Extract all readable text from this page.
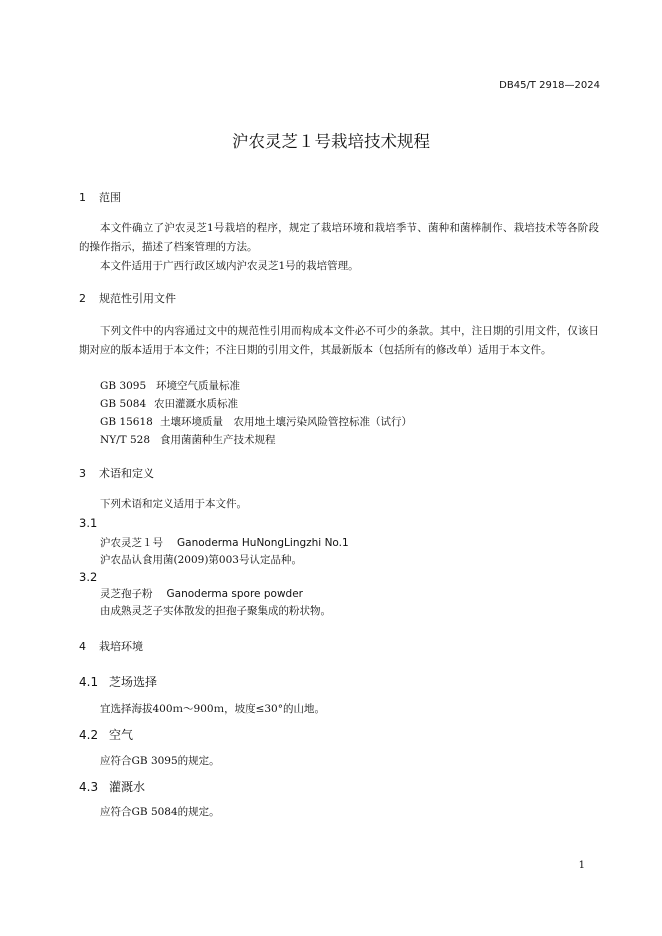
DB45/T 2918—2024
沪农灵芝１号栽培技术规程
1 范围
本文件确立了沪农灵芝1号栽培的程序，规定了栽培环境和栽培季节、菌种和菌棒制作、栽培技术等各阶段的操作指示，描述了档案管理的方法。
本文件适用于广西行政区域内沪农灵芝1号的栽培管理。
2 规范性引用文件
下列文件中的内容通过文中的规范性引用而构成本文件必不可少的条款。其中，注日期的引用文件，仅该日期对应的版本适用于本文件；不注日期的引用文件，其最新版本（包括所有的修改单）适用于本文件。
GB 3095 环境空气质量标准
GB 5084 农田灌溉水质标准
GB 15618 土壤环境质量　农用地土壤污染风险管控标准（试行）
NY/T 528 食用菌菌种生产技术规程
3 术语和定义
下列术语和定义适用于本文件。
3.1
沪农灵芝１号 Ganoderma HuNongLingzhi No.1
沪农品认食用菌(2009)第003号认定品种。
3.2
灵芝孢子粉 Ganoderma spore powder
由成熟灵芝子实体散发的担孢子聚集成的粉状物。
4 栽培环境
4.1 芝场选择
宜选择海拔400ｍ～900ｍ，坡度≤30°的山地。
4.2 空气
应符合GB 3095的规定。
4.3 灌溉水
应符合GB 5084的规定。
1
